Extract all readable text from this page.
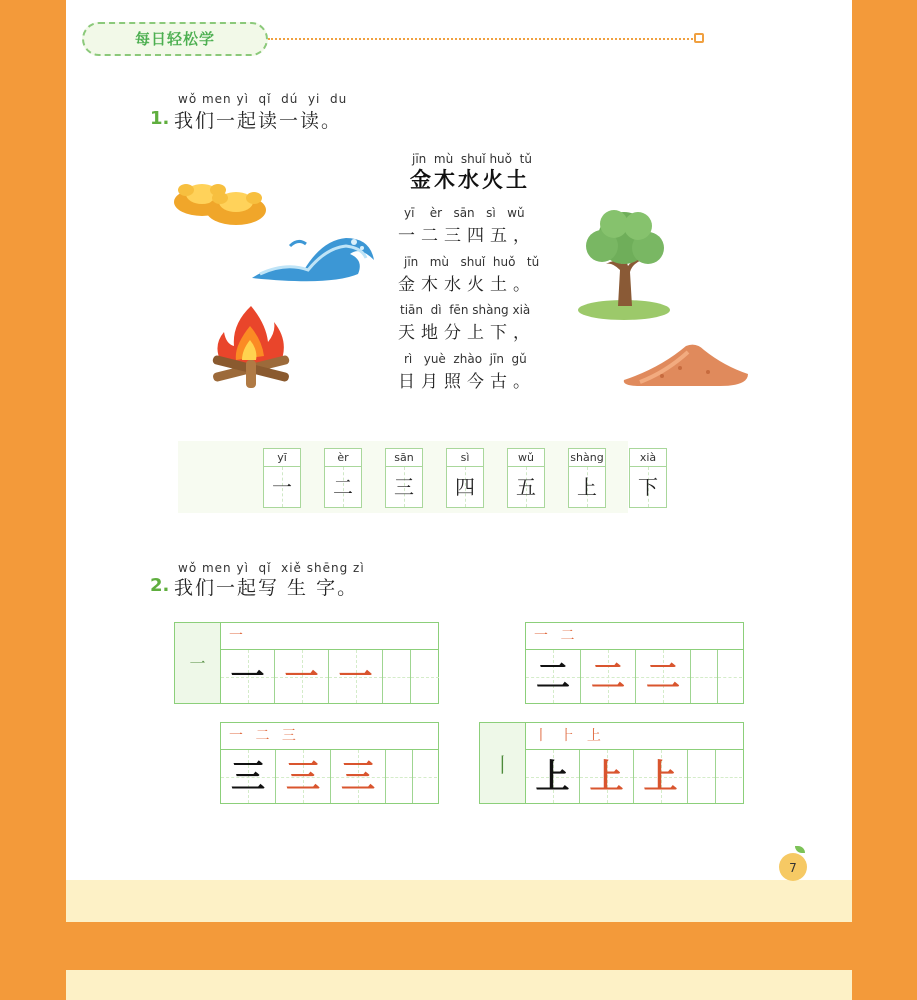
每日轻松学
wǒ men yì  qǐ  dú  yi  du
1. 我们一起读一读。
jīn  mù  shuǐ huǒ  tǔ
金木水火土
yī    èr   sān   sì   wǔ
一二三四五，
jīn   mù   shuǐ  huǒ   tǔ
金木水火土。
tiān  dì  fēn shàng xià
天地分上下，
rì   yuè  zhào  jīn  gǔ
日月照今古。
yī
一
èr
二
sān
三
sì
四
wǔ
五
shàng
上
xià
下
wǒ men yì  qǐ  xiě shēng zì
2. 我们一起写 生 字。
一
一
一 一 一
一 二
二 二 二
一 二 三
三 三 三	丨
丨 ⺊ 上
上 上 上
7
